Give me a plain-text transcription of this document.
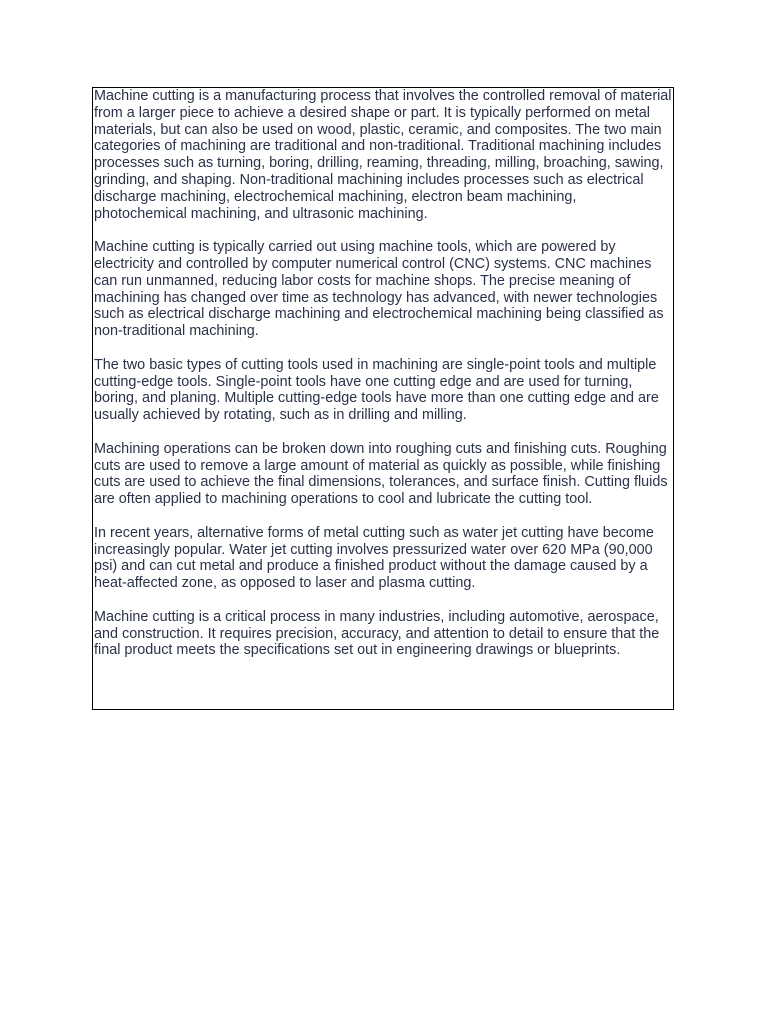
Machine cutting is a manufacturing process that involves the controlled removal of material from a larger piece to achieve a desired shape or part. It is typically performed on metal materials, but can also be used on wood, plastic, ceramic, and composites. The two main categories of machining are traditional and non-traditional. Traditional machining includes processes such as turning, boring, drilling, reaming, threading, milling, broaching, sawing, grinding, and shaping. Non-traditional machining includes processes such as electrical discharge machining, electrochemical machining, electron beam machining, photochemical machining, and ultrasonic machining.

Machine cutting is typically carried out using machine tools, which are powered by electricity and controlled by computer numerical control (CNC) systems. CNC machines can run unmanned, reducing labor costs for machine shops. The precise meaning of machining has changed over time as technology has advanced, with newer technologies such as electrical discharge machining and electrochemical machining being classified as non-traditional machining.

The two basic types of cutting tools used in machining are single-point tools and multiple cutting-edge tools. Single-point tools have one cutting edge and are used for turning, boring, and planing. Multiple cutting-edge tools have more than one cutting edge and are usually achieved by rotating, such as in drilling and milling.

Machining operations can be broken down into roughing cuts and finishing cuts. Roughing cuts are used to remove a large amount of material as quickly as possible, while finishing cuts are used to achieve the final dimensions, tolerances, and surface finish. Cutting fluids are often applied to machining operations to cool and lubricate the cutting tool.

In recent years, alternative forms of metal cutting such as water jet cutting have become increasingly popular. Water jet cutting involves pressurized water over 620 MPa (90,000 psi) and can cut metal and produce a finished product without the damage caused by a heat-affected zone, as opposed to laser and plasma cutting.

Machine cutting is a critical process in many industries, including automotive, aerospace, and construction. It requires precision, accuracy, and attention to detail to ensure that the final product meets the specifications set out in engineering drawings or blueprints.
